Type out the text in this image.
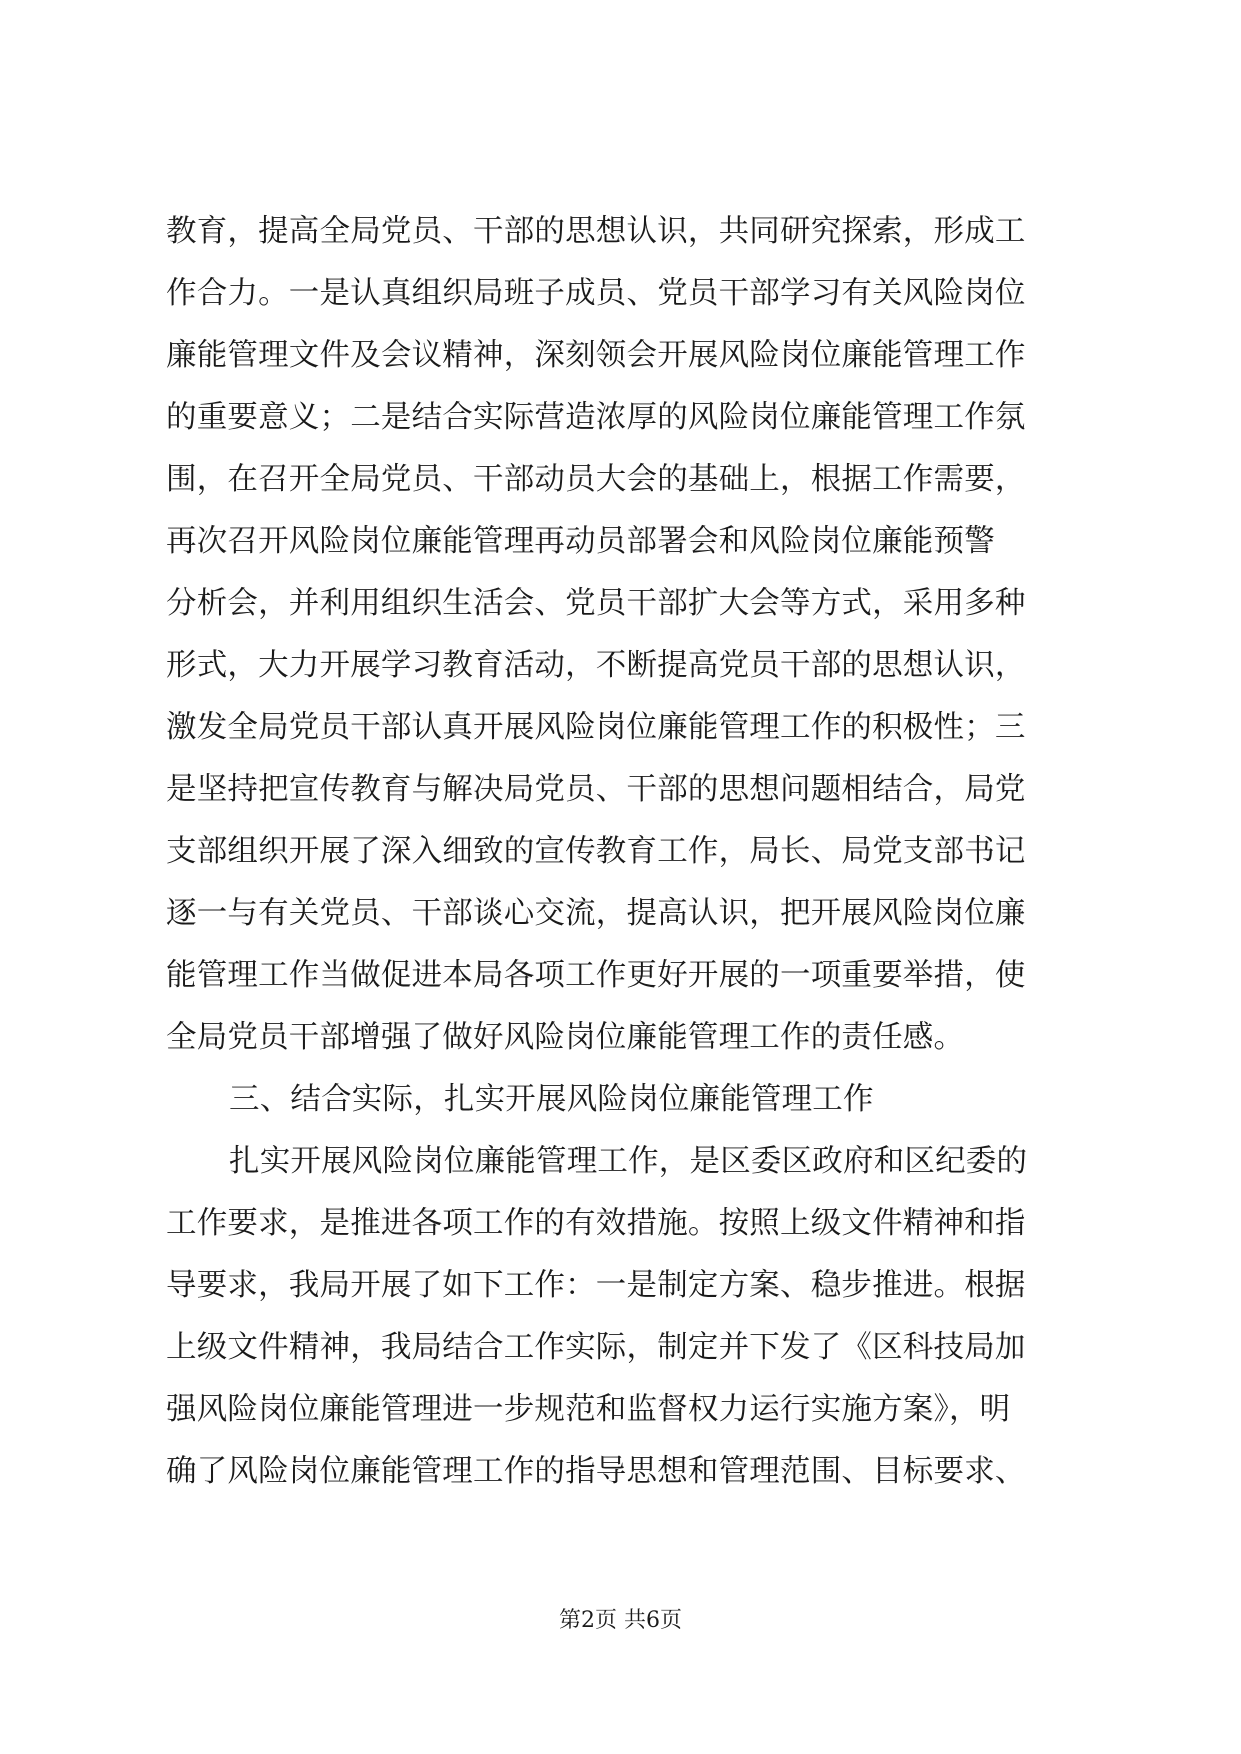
教育，提高全局党员、干部的思想认识，共同研究探索，形成工
作合力。一是认真组织局班子成员、党员干部学习有关风险岗位
廉能管理文件及会议精神，深刻领会开展风险岗位廉能管理工作
的重要意义；二是结合实际营造浓厚的风险岗位廉能管理工作氛
围，在召开全局党员、干部动员大会的基础上，根据工作需要，
再次召开风险岗位廉能管理再动员部署会和风险岗位廉能预警
分析会，并利用组织生活会、党员干部扩大会等方式，采用多种
形式，大力开展学习教育活动，不断提高党员干部的思想认识，
激发全局党员干部认真开展风险岗位廉能管理工作的积极性；三
是坚持把宣传教育与解决局党员、干部的思想问题相结合，局党
支部组织开展了深入细致的宣传教育工作，局长、局党支部书记
逐一与有关党员、干部谈心交流，提高认识，把开展风险岗位廉
能管理工作当做促进本局各项工作更好开展的一项重要举措，使
全局党员干部增强了做好风险岗位廉能管理工作的责任感。
三、结合实际，扎实开展风险岗位廉能管理工作
扎实开展风险岗位廉能管理工作，是区委区政府和区纪委的
工作要求，是推进各项工作的有效措施。按照上级文件精神和指
导要求，我局开展了如下工作：一是制定方案、稳步推进。根据
上级文件精神，我局结合工作实际，制定并下发了《区科技局加
强风险岗位廉能管理进一步规范和监督权力运行实施方案》，明
确了风险岗位廉能管理工作的指导思想和管理范围、目标要求、
第2页 共6页
